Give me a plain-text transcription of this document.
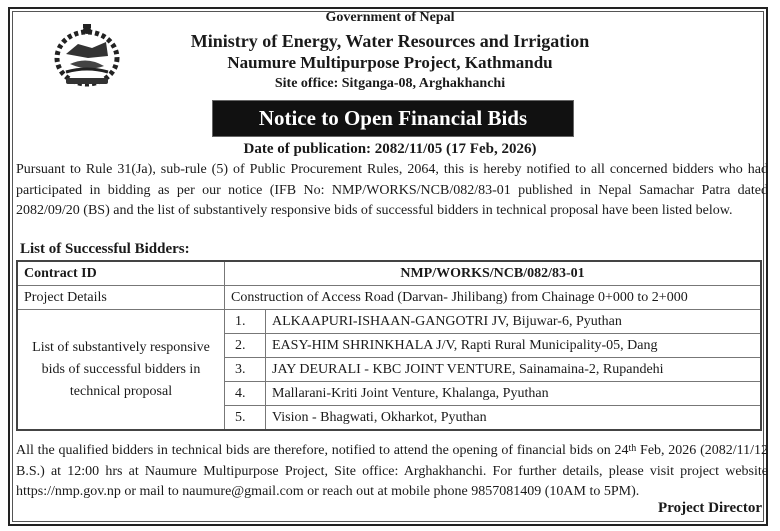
Government of Nepal
Ministry of Energy, Water Resources and Irrigation
Naumure Multipurpose Project, Kathmandu
Site office: Sitganga-08, Arghakhanchi
Notice to Open Financial Bids
Date of publication: 2082/11/05 (17 Feb, 2026)
Pursuant to Rule 31(Ja), sub-rule (5) of Public Procurement Rules, 2064, this is hereby notified to all concerned bidders who had participated in bidding as per our notice (IFB No: NMP/WORKS/NCB/082/83-01 published in Nepal Samachar Patra dated 2082/09/20 (BS) and the list of substantively responsive bids of successful bidders in technical proposal have been listed below.
List of Successful Bidders:
Contract ID	NMP/WORKS/NCB/082/83-01	
Project Details	Construction of Access Road (Darvan- Jhilibang) from Chainage 0+000 to 2+000	
List of substantively responsive bids of successful bidders in technical proposal	1.	ALKAAPURI-ISHAAN-GANGOTRI JV, Bijuwar-6, Pyuthan
	2.	EASY-HIM SHRINKHALA J/V, Rapti Rural Municipality-05, Dang
	3.	JAY DEURALI - KBC JOINT VENTURE, Sainamaina-2, Rupandehi
	4.	Mallarani-Kriti Joint Venture, Khalanga, Pyuthan
	5.	Vision - Bhagwati, Okharkot, Pyuthan
All the qualified bidders in technical bids are therefore, notified to attend the opening of financial bids on 24th Feb, 2026 (2082/11/12 B.S.) at 12:00 hrs at Naumure Multipurpose Project, Site office: Arghakhanchi. For further details, please visit project website https://nmp.gov.np or mail to naumure@gmail.com or reach out at mobile phone 9857081409 (10AM to 5PM).
Project Director
